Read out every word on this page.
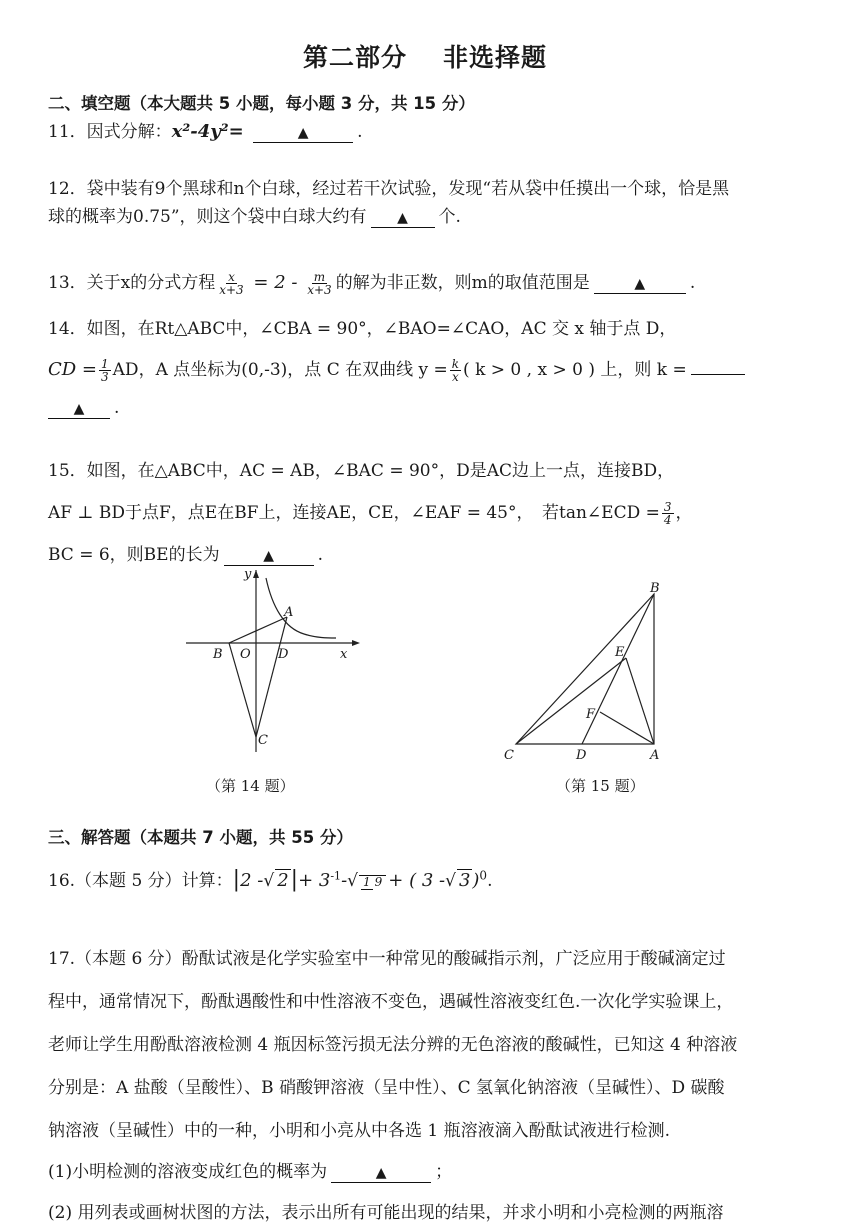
第二部分 非选择题
二、填空题（本大题共 5 小题，每小题 3 分，共 15 分）
11．因式分解：x²-4y²=	▲	.
12．袋中装有9个黑球和n个白球，经过若干次试验，发现“若从袋中任摸出一个球，恰是黑
球的概率为0.75”，则这个袋中白球大约有 ▲ 个.
13．关于x的分式方程 $\frac{x}{x+3} = 2 - \frac{m}{x+3}$ 的解为非正数，则m的取值范围是	▲	.
14．如图，在Rt△ABC中，∠CBA = 90°，∠BAO=∠CAO，AC 交 x 轴于点 D，
CD = $\frac{1}{3}$ AD，A 点坐标为(0,-3)，点 C 在双曲线 $y = \frac{k}{x}$ ( k > 0 , x > 0 ) 上，则 k =
▲ .
15．如图，在△ABC中，AC = AB，∠BAC = 90°，D是AC边上一点，连接BD，
AF ⊥ BD于点F，点E在BF上，连接AE，CE，∠EAF = 45°，　若tan∠ECD = $\frac{3}{4}$ ，
BC = 6，则BE的长为	▲	.
y
x
A
B O D
C
（第 14 题）
B
E
F
C	D	A
（第 15 题）
三、解答题（本题共 7 小题，共 55 分）
16.（本题 5 分）计算：|2 -√ $2|+ 3^{-1}-√$ 1 9 + ( 3 -√ 3 )$^0$.
17.（本题 6 分）酚酞试液是化学实验室中一种常见的酸碱指示剂，广泛应用于酸碱滴定过
程中，通常情况下，酚酞遇酸性和中性溶液不变色，遇碱性溶液变红色.一次化学实验课上，
老师让学生用酚酞溶液检测 4 瓶因标签污损无法分辨的无色溶液的酸碱性，已知这 4 种溶液
分别是：A 盐酸（呈酸性）、B 硝酸钾溶液（呈中性）、C 氢氧化钠溶液（呈碱性）、D 碳酸
钠溶液（呈碱性）中的一种，小明和小亮从中各选 1 瓶溶液滴入酚酞试液进行检测.
(1)小明检测的溶液变成红色的概率为	▲	；
(2) 用列表或画树状图的方法，表示出所有可能出现的结果，并求小明和小亮检测的两瓶溶
